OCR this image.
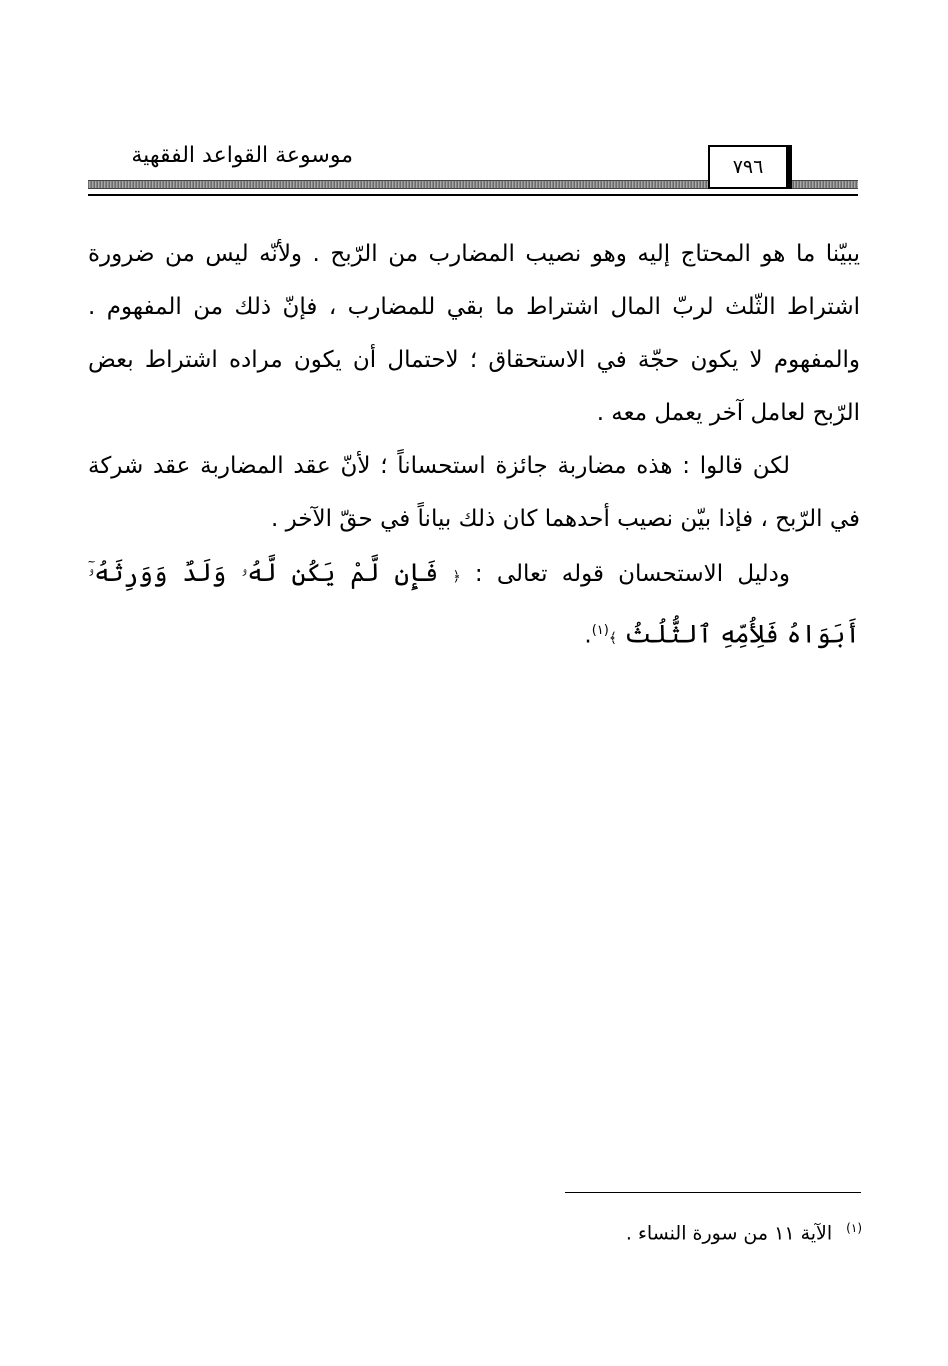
٧٩٦
موسوعة القواعد الفقهية

يبيّنا ما هو المحتاج إليه وهو نصيب المضارب من الرّبح . ولأنّه ليس من ضرورة اشتراط الثّلث لربّ المال اشتراط ما بقي للمضارب ، فإنّ ذلك من المفهوم . والمفهوم لا يكون حجّة في الاستحقاق ؛ لاحتمال أن يكون مراده اشتراط بعض الرّبح لعامل آخر يعمل معه .

لكن قالوا : هذه مضاربة جائزة استحساناً ؛ لأنّ عقد المضاربة عقد شركة في الرّبح ، فإذا بيّن نصيب أحدهما كان ذلك بياناً في حقّ الآخر .

ودليل الاستحسان قوله تعالى : ﴿ فَإِن لَّمْ يَكُن لَّهُۥ وَلَدٌ وَوَرِثَهُۥٓ أَبَوَاهُ فَلِأُمِّهِ ٱلثُّلُثُ ﴾$^{(١)}$.

$^{(١)}$الآية ١١ من سورة النساء .
